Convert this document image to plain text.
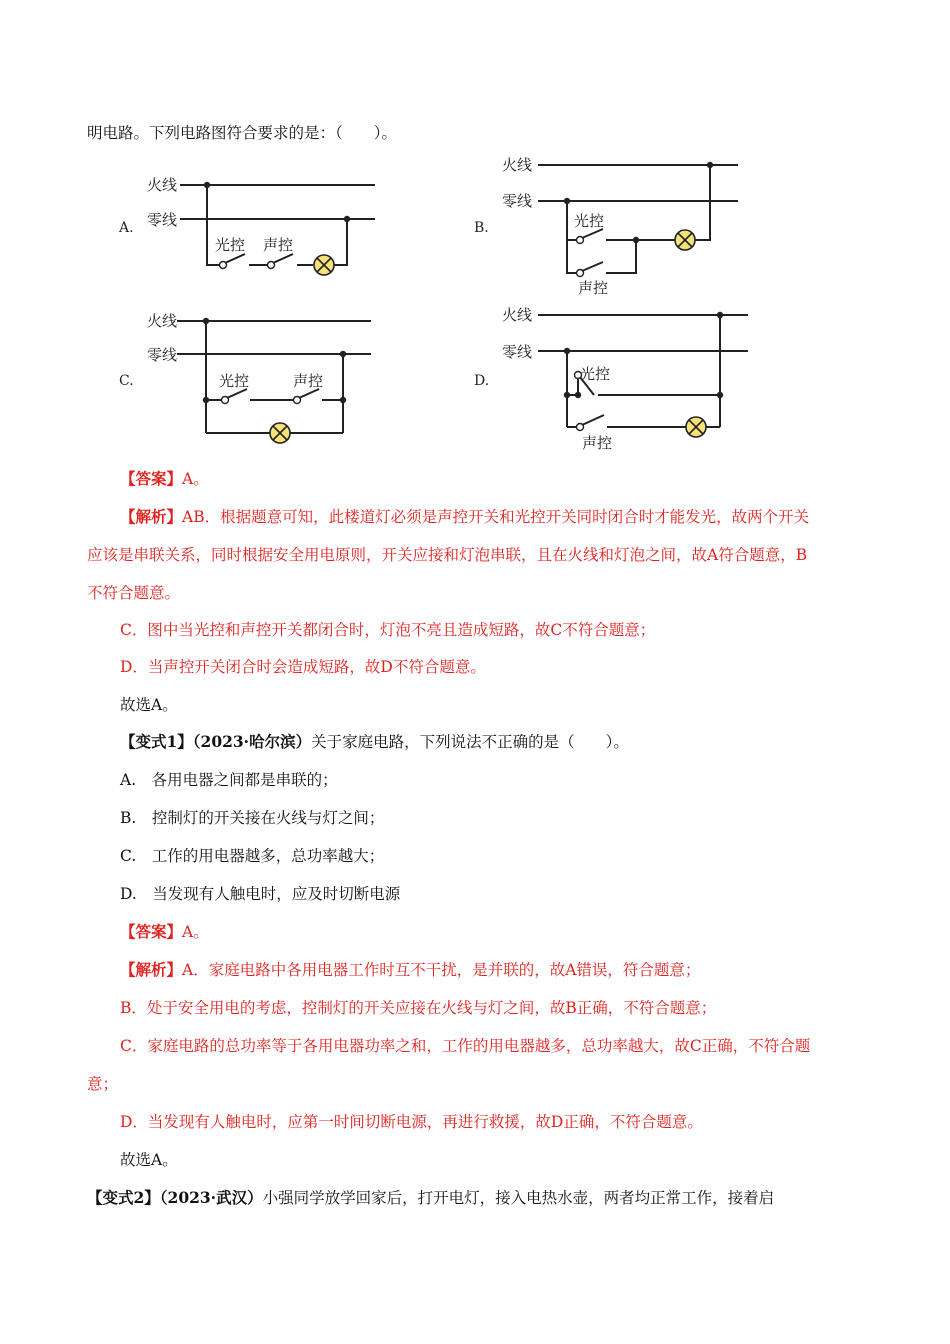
明电路。下列电路图符合要求的是：（　　）。
A.
火线
零线
光控 声控
B.
火线
零线
光控
声控
C.
火线
零线
光控	声控	D.
火线
零线
光控
声控
【答案】A。
【解析】AB．根据题意可知，此楼道灯必须是声控开关和光控开关同时闭合时才能发光，故两个开关
应该是串联关系，同时根据安全用电原则，开关应接和灯泡串联，且在火线和灯泡之间，故A符合题意，B
不符合题意。
C．图中当光控和声控开关都闭合时，灯泡不亮且造成短路，故C不符合题意；
D．当声控开关闭合时会造成短路，故D不符合题意。
故选A。
【变式1】（2023·哈尔滨）关于家庭电路，下列说法不正确的是（　　）。
A.　各用电器之间都是串联的；
B.　控制灯的开关接在火线与灯之间；
C.　工作的用电器越多，总功率越大；
D.　当发现有人触电时，应及时切断电源
【答案】A。
【解析】A．家庭电路中各用电器工作时互不干扰，是并联的，故A错误，符合题意；
B．处于安全用电的考虑，控制灯的开关应接在火线与灯之间，故B正确，不符合题意；
C．家庭电路的总功率等于各用电器功率之和，工作的用电器越多，总功率越大，故C正确，不符合题
意；
D．当发现有人触电时，应第一时间切断电源，再进行救援，故D正确，不符合题意。
故选A。
【变式2】（2023·武汉）小强同学放学回家后，打开电灯，接入电热水壶，两者均正常工作，接着启
